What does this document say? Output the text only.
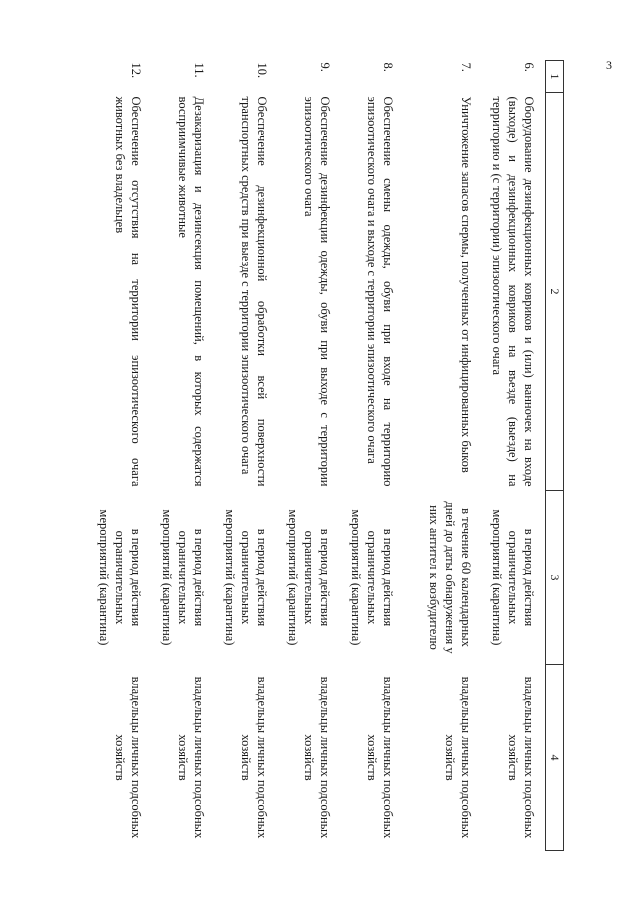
3
1	2	3	4
6.	Оборудование дезинфекционных ковриков и (или) ванночек на входе (выходе) и дезинфекционных ковриков на въезде (выезде) на территорию и (с территории) эпизоотического очага	в период действия ограничительных мероприятий (карантина)	владельцы личных подсобных хозяйств
7.	Уничтожение запасов спермы, полученных от инфицированных быков	в течение 60 календарных дней до даты обнаружения у них антител к возбудителю	владельцы личных подсобных хозяйств
8.	Обеспечение смены одежды, обуви при входе на территорию эпизоотического очага и выходе с территории эпизоотического очага	в период действия ограничительных мероприятий (карантина)	владельцы личных подсобных хозяйств
9.	Обеспечение дезинфекции одежды, обуви при выходе с территории эпизоотического очага	в период действия ограничительных мероприятий (карантина)	владельцы личных подсобных хозяйств
10.	Обеспечение дезинфекционной обработки всей поверхности транспортных средств при выезде с территории эпизоотического очага	в период действия ограничительных мероприятий (карантина)	владельцы личных подсобных хозяйств
11.	Дезакаризация и дезинсекция помещений, в которых содержатся восприимчивые животные	в период действия ограничительных мероприятий (карантина)	владельцы личных подсобных хозяйств
12.	Обеспечение отсутствия на территории эпизоотического очага животных без владельцев	в период действия ограничительных мероприятий (карантина)	владельцы личных подсобных хозяйств
